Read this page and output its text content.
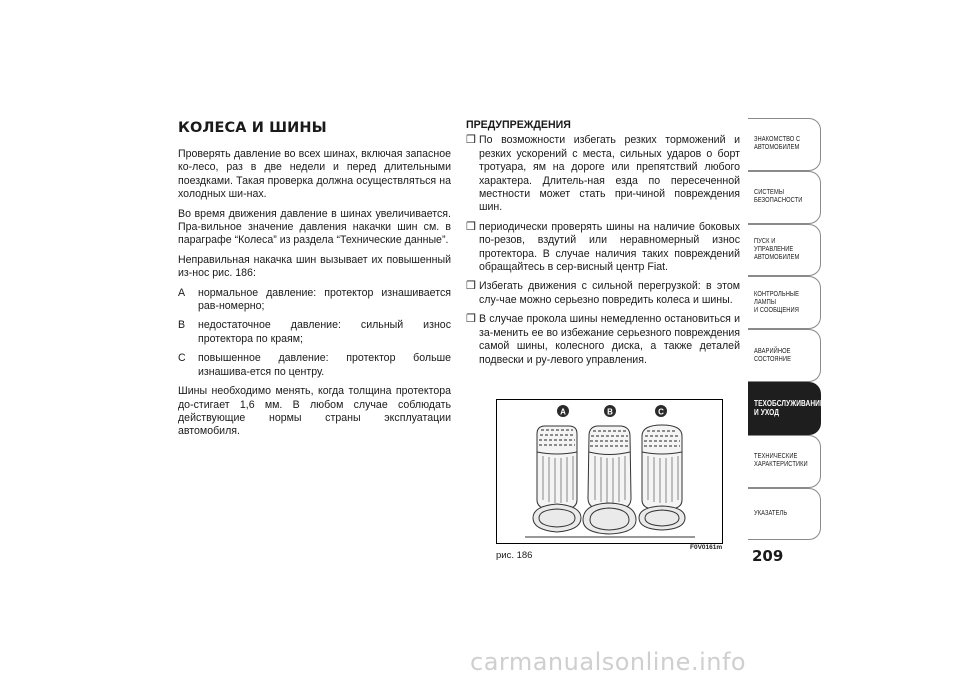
КОЛЕСА И ШИНЫ

Проверять давление во всех шинах, включая запасное ко-лесо, раз в две недели и перед длительными поездками. Такая проверка должна осуществляться на холодных ши-нах.

Во время движения давление в шинах увеличивается. Пра-вильное значение давления накачки шин см. в параграфе “Колеса” из раздела “Технические данные”.

Неправильная накачка шин вызывает их повышенный из-нос рис. 186:

A	нормальное давление: протектор изнашивается рав-номерно;
B	недостаточное давление: сильный износ протектора по краям;
C	повышенное давление: протектор больше изнашива-ется по центру.

Шины необходимо менять, когда толщина протектора до-стигает 1,6 мм. В любом случае соблюдать действующие нормы страны эксплуатации автомобиля.

ПРЕДУПРЕЖДЕНИЯ
❒ По возможности избегать резких торможений и резких ускорений с места, сильных ударов о борт тротуара, ям на дороге или препятствий любого характера. Длитель-ная езда по пересеченной местности может стать при-чиной повреждения шин.
❒ периодически проверять шины на наличие боковых по-резов, вздутий или неравномерный износ протектора. В случае наличия таких повреждений обращайтесь в сер-висный центр Fiat.
❒ Избегать движения с сильной перегрузкой: в этом слу-чае можно серьезно повредить колеса и шины.
❒ В случае прокола шины немедленно остановиться и за-менить ее во избежание серьезного повреждения самой шины, колесного диска, а также деталей подвески и ру-левого управления.
A	B	C
рис. 186
F0V0161m 209
ЗНАКОМСТВО С
АВТОМОБИЛЕМ
СИСТЕМЫ
БЕЗОПАСНОСТИ
ПУСК И УПРАВЛЕНИЕ
АВТОМОБИЛЕМ
КОНТРОЛЬНЫЕ
ЛАМПЫ
И СООБЩЕНИЯ
АВАРИЙНОЕ
СОСТОЯНИЕ
ТЕХОБСЛУЖИВАНИЕ
И УХОД
ТЕХНИЧЕСКИЕ
ХАРАКТЕРИСТИКИ
УКАЗАТЕЛЬ
carmanualsonline.info
